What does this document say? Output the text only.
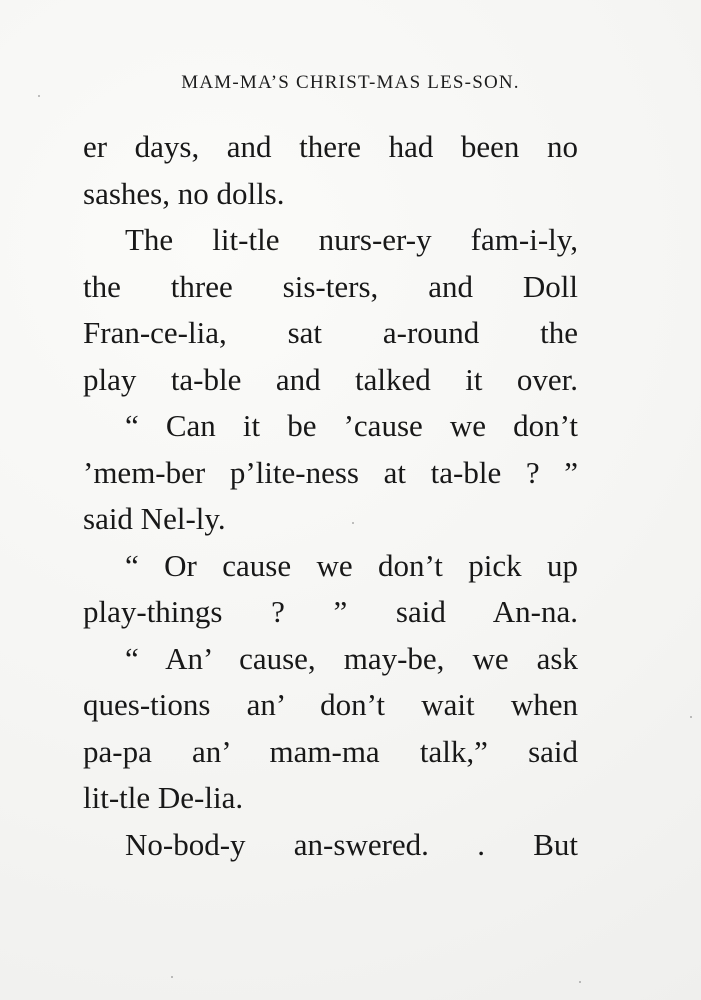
MAM-MA’S CHRIST-MAS LES-SON.
er days, and there had been no
sashes, no dolls.
The lit-tle nurs-er-y fam-i-ly,
the three sis-ters, and Doll
Fran-ce-lia, sat a-round the
play ta-ble and talked it over.
“ Can it be ’cause we don’t
’mem-ber p’lite-ness at ta-ble ? ”
said Nel-ly.
“ Or cause we don’t pick up
play-things ? ” said An-na.
“ An’ cause, may-be, we ask
ques-tions an’ don’t wait when
pa-pa an’ mam-ma talk,” said
lit-tle De-lia.
No-bod-y an-swered. . But
